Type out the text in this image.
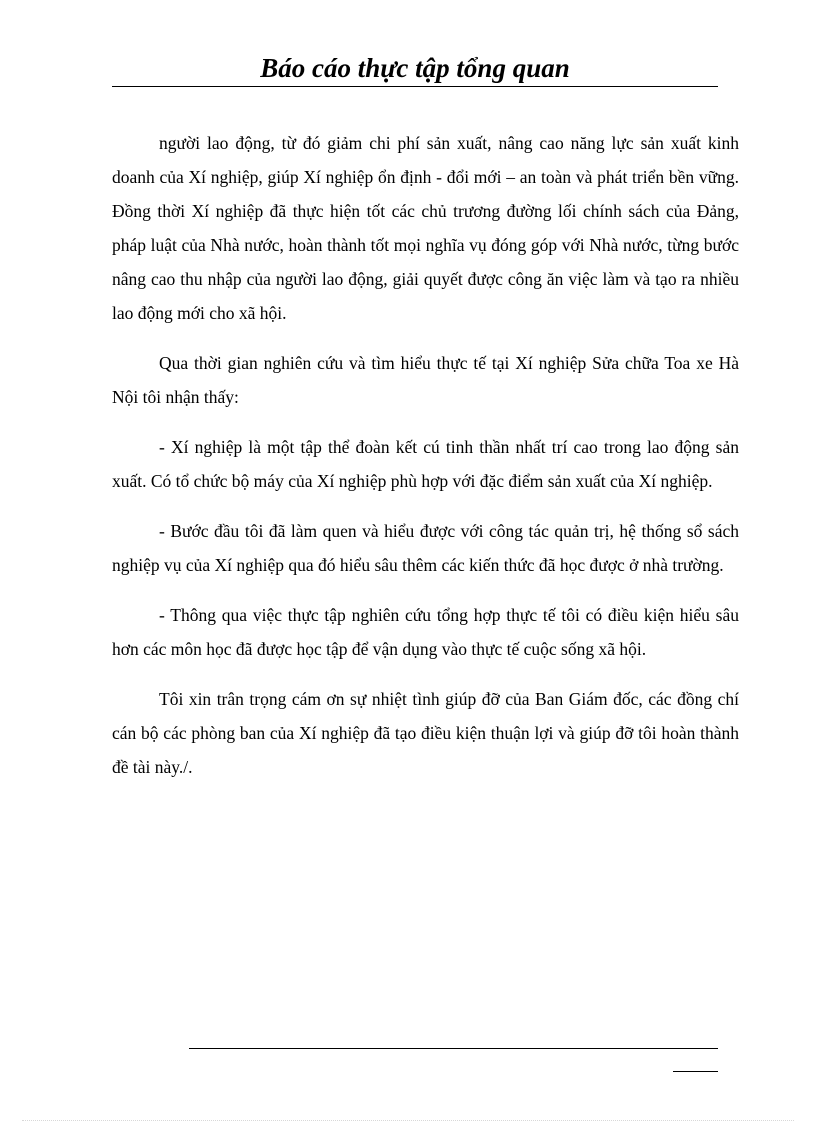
Báo cáo thực tập tổng quan

người lao động, từ đó giảm chi phí sản xuất, nâng cao năng lực sản xuất kinh doanh của Xí nghiệp, giúp Xí nghiệp ổn định - đổi mới – an toàn và phát triển bền vững. Đồng thời Xí nghiệp đã thực hiện tốt các chủ trương đường lối chính sách của Đảng, pháp luật của Nhà nước, hoàn thành tốt mọi nghĩa vụ đóng góp với Nhà nước, từng bước nâng cao thu nhập của người lao động, giải quyết được công ăn việc làm và tạo ra nhiều lao động mới cho xã hội.

Qua thời gian nghiên cứu và tìm hiểu thực tế tại Xí nghiệp Sửa chữa Toa xe Hà Nội tôi nhận thấy:

- Xí nghiệp là một tập thể đoàn kết cú tinh thần nhất trí cao trong lao động sản xuất. Có tổ chức bộ máy của Xí nghiệp phù hợp với đặc điểm sản xuất của Xí nghiệp.

- Bước đầu tôi đã làm quen và hiểu được với công tác quản trị, hệ thống sổ sách nghiệp vụ của Xí nghiệp qua đó hiểu sâu thêm các kiến thức đã học được ở nhà trường.

- Thông qua việc thực tập nghiên cứu tổng hợp thực tế tôi có điều kiện hiểu sâu hơn các môn học đã được học tập để vận dụng vào thực tế cuộc sống xã hội.

Tôi xin trân trọng cám ơn sự nhiệt tình giúp đỡ của Ban Giám đốc, các đồng chí cán bộ các phòng ban của Xí nghiệp đã tạo điều kiện thuận lợi và giúp đỡ tôi hoàn thành đề tài này./.
